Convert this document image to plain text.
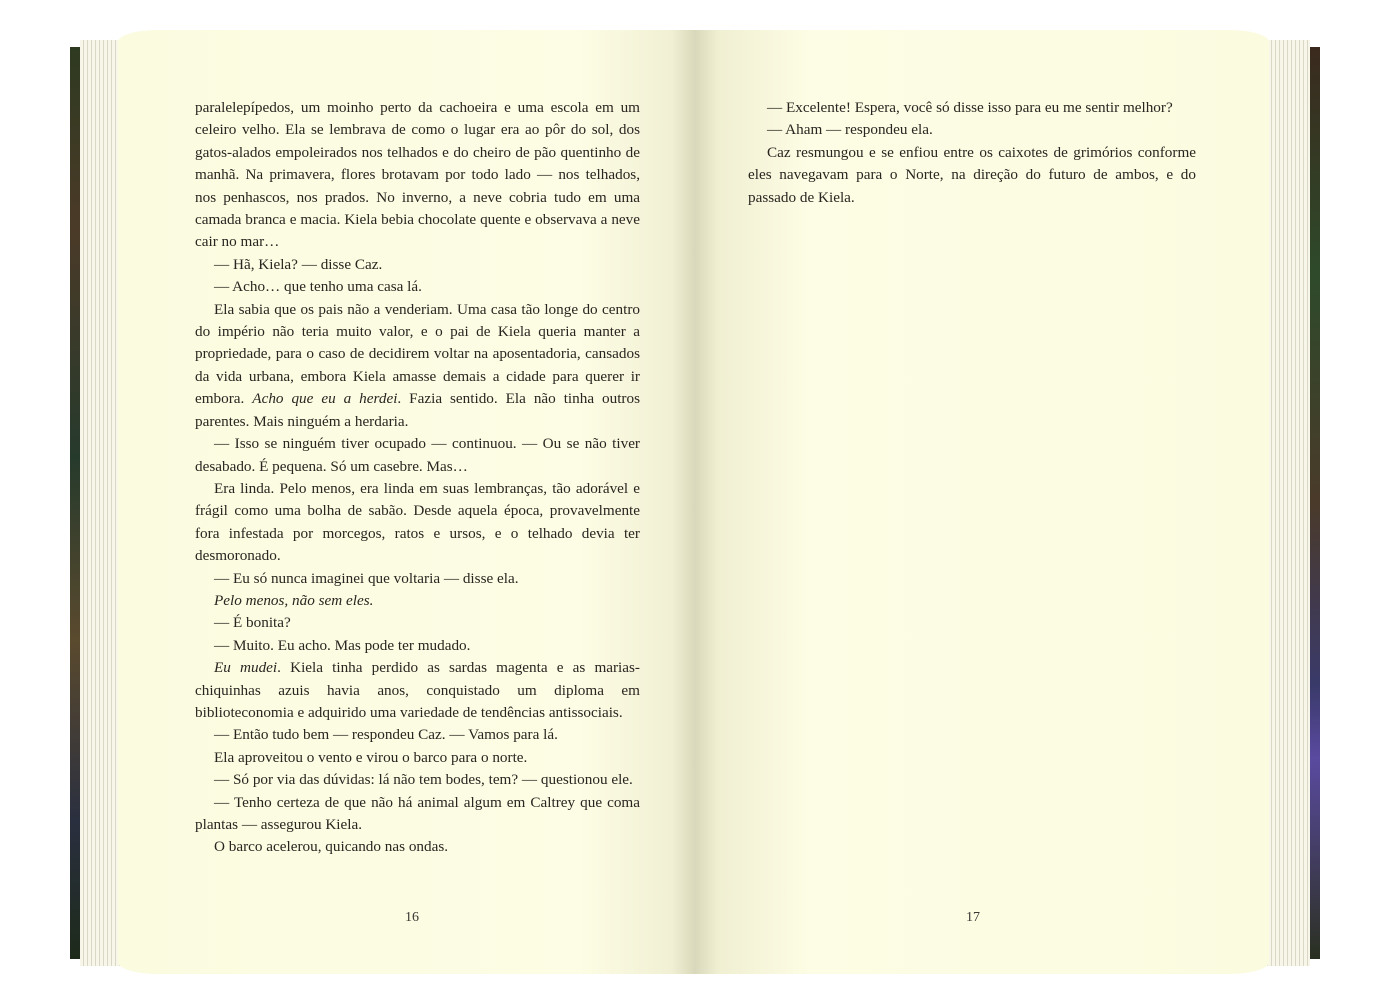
paralelepípedos, um moinho perto da cachoeira e uma escola em um celeiro velho. Ela se lembrava de como o lugar era ao pôr do sol, dos gatos-alados empoleirados nos telhados e do cheiro de pão quentinho de manhã. Na primavera, flores brotavam por todo lado — nos telhados, nos penhascos, nos prados. No inverno, a neve cobria tudo em uma camada branca e macia. Kiela bebia chocolate quente e observava a neve cair no mar…

— Hã, Kiela? — disse Caz.

— Acho… que tenho uma casa lá.

Ela sabia que os pais não a venderiam. Uma casa tão longe do centro do império não teria muito valor, e o pai de Kiela queria manter a propriedade, para o caso de decidirem voltar na aposentadoria, cansados da vida urbana, embora Kiela amasse demais a cidade para querer ir embora. Acho que eu a herdei. Fazia sentido. Ela não tinha outros parentes. Mais ninguém a herdaria.

— Isso se ninguém tiver ocupado — continuou. — Ou se não tiver desabado. É pequena. Só um casebre. Mas…

Era linda. Pelo menos, era linda em suas lembranças, tão adorável e frágil como uma bolha de sabão. Desde aquela época, provavelmente fora infestada por morcegos, ratos e ursos, e o telhado devia ter desmoronado.

— Eu só nunca imaginei que voltaria — disse ela.

Pelo menos, não sem eles.

— É bonita?

— Muito. Eu acho. Mas pode ter mudado.

Eu mudei. Kiela tinha perdido as sardas magenta e as marias-chiquinhas azuis havia anos, conquistado um diploma em biblioteconomia e adquirido uma variedade de tendências antissociais.

— Então tudo bem — respondeu Caz. — Vamos para lá.

Ela aproveitou o vento e virou o barco para o norte.

— Só por via das dúvidas: lá não tem bodes, tem? — questionou ele.

— Tenho certeza de que não há animal algum em Caltrey que coma plantas — assegurou Kiela.

O barco acelerou, quicando nas ondas.

— Excelente! Espera, você só disse isso para eu me sentir melhor?

— Aham — respondeu ela.

Caz resmungou e se enfiou entre os caixotes de grimórios conforme eles navegavam para o Norte, na direção do futuro de ambos, e do passado de Kiela.

16	17
